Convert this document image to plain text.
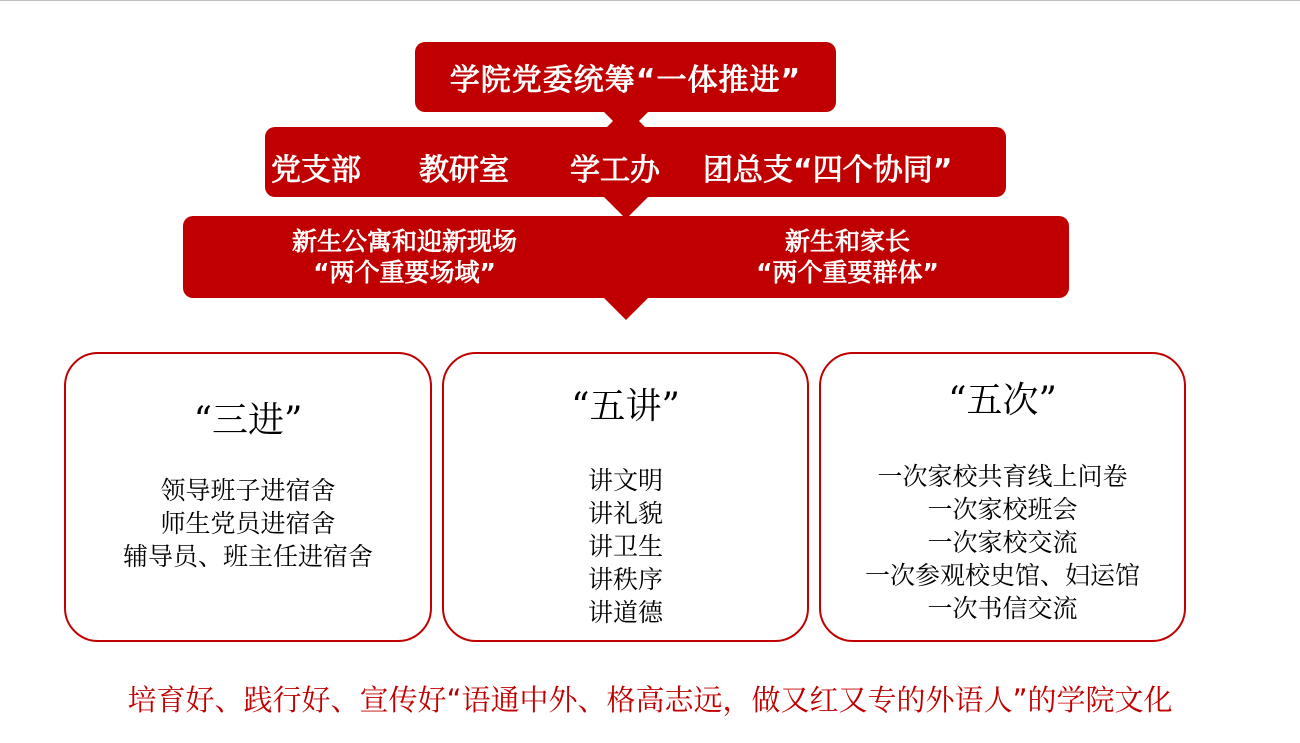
学院党委统筹“一体推进”
党支部 教研室 学工办 团总支“四个协同”
新生公寓和迎新现场
“两个重要场域”
新生和家长
“两个重要群体”
“三进”
领导班子进宿舍
师生党员进宿舍
辅导员、班主任进宿舍
“五讲”
讲文明
讲礼貌
讲卫生
讲秩序
讲道德
“五次”
一次家校共育线上问卷
一次家校班会
一次家校交流
一次参观校史馆、妇运馆
一次书信交流
培育好、践行好、宣传好“语通中外、格高志远，做又红又专的外语人”的学院文化
